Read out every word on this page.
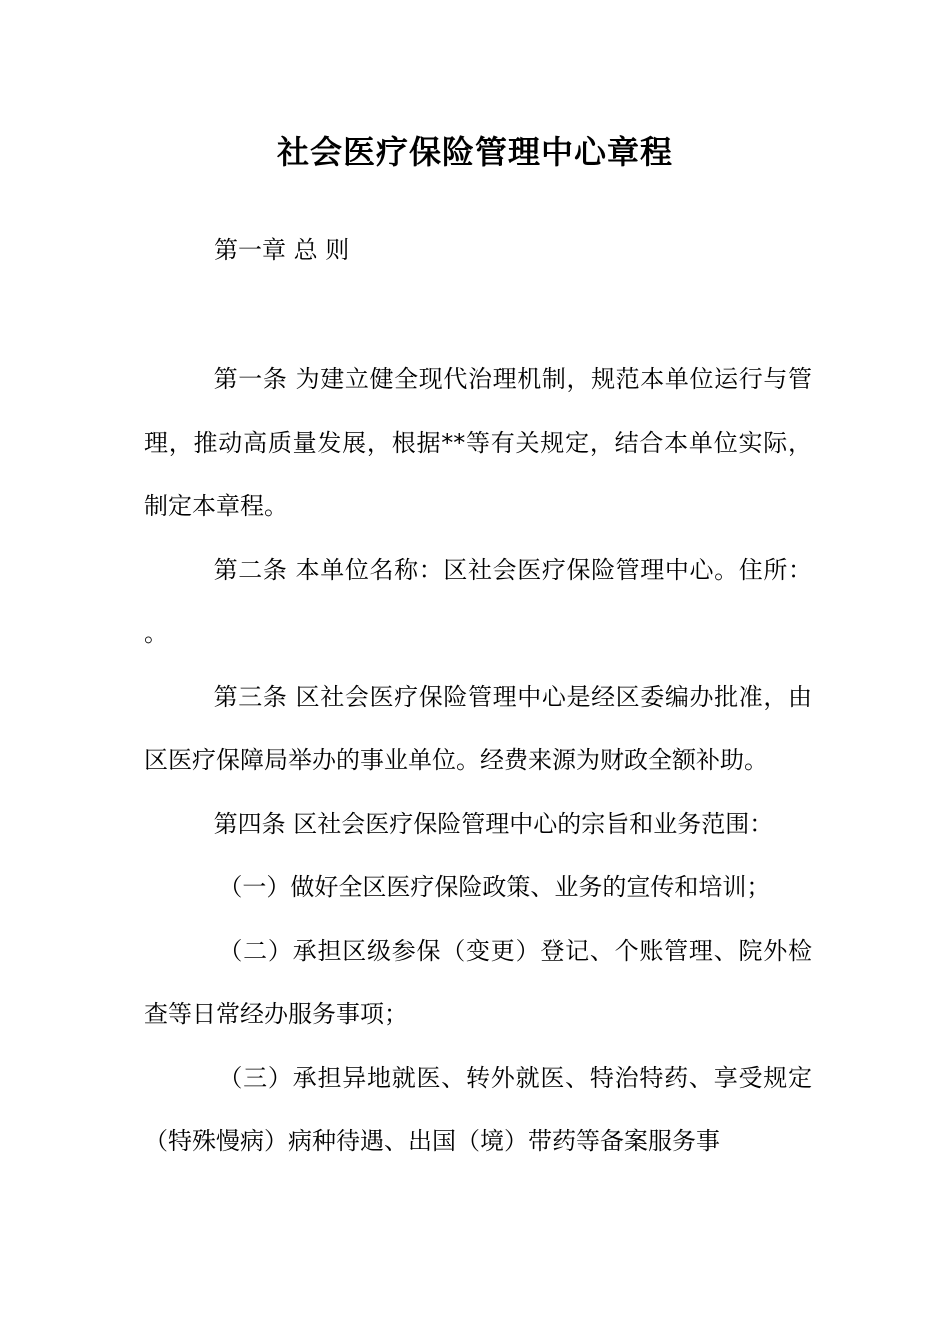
社会医疗保险管理中心章程

第一章 总 则

第一条 为建立健全现代治理机制，规范本单位运行与管理，推动高质量发展，根据**等有关规定，结合本单位实际，制定本章程。

第二条 本单位名称：区社会医疗保险管理中心。住所： 。

第三条 区社会医疗保险管理中心是经区委编办批准，由区医疗保障局举办的事业单位。经费来源为财政全额补助。

第四条 区社会医疗保险管理中心的宗旨和业务范围：

（一）做好全区医疗保险政策、业务的宣传和培训；

（二）承担区级参保（变更）登记、个账管理、院外检查等日常经办服务事项；

（三）承担异地就医、转外就医、特治特药、享受规定（特殊慢病）病种待遇、出国（境）带药等备案服务事
